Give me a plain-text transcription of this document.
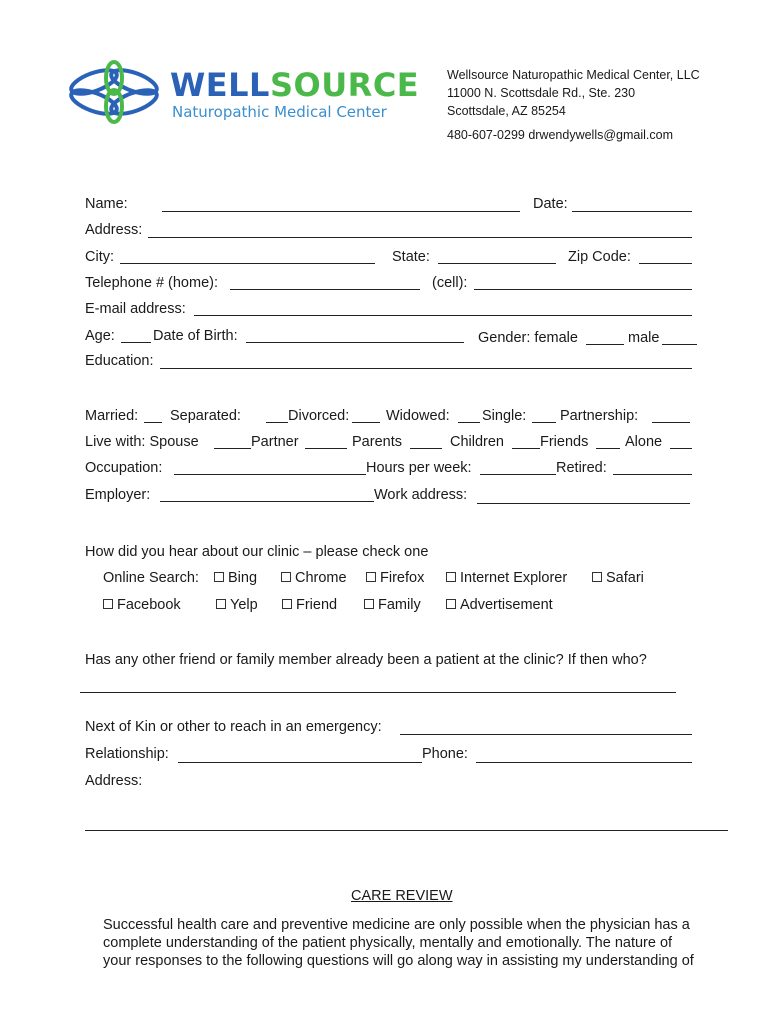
WELLSOURCE
Naturopathic Medical Center
Wellsource Naturopathic Medical Center, LLC
11000 N. Scottsdale Rd., Ste. 230
Scottsdale, AZ 85254
480-607-0299 drwendywells@gmail.com
Name:	Date:
Address:
City:	State:	Zip Code:
Telephone # (home):	(cell):
E-mail address:
Age:	Date of Birth:	Gender: female	male
Education:
Married: Separated:	Divorced:	Widowed: Single: Partnership:
Live with: Spouse	Partner	Parents	Children Friends	Alone
Occupation:	Hours per week:	Retired:
Employer:	Work address:
How did you hear about our clinic – please check one
Online Search:	Bing	Chrome	Firefox	Internet Explorer	Safari
Facebook	Yelp	Friend	Family	Advertisement
Has any other friend or family member already been a patient at the clinic? If then who?
Next of Kin or other to reach in an emergency:
Relationship:	Phone:
Address:
CARE REVIEW
Successful health care and preventive medicine are only possible when the physician has a
complete understanding of the patient physically, mentally and emotionally. The nature of
your responses to the following questions will go along way in assisting my understanding of
